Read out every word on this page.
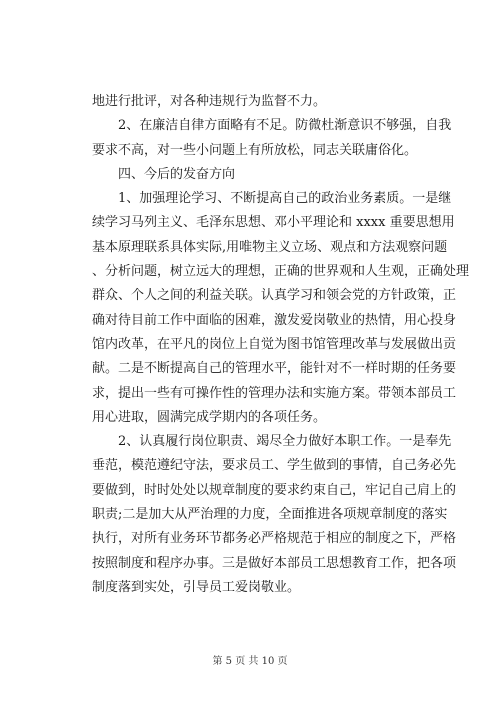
地进行批评，对各种违规行为监督不力。
　　2、在廉洁自律方面略有不足。防微杜渐意识不够强，自我
要求不高，对一些小问题上有所放松，同志关联庸俗化。
　　四、今后的发奋方向
　　1、加强理论学习、不断提高自己的政治业务素质。一是继
续学习马列主义、毛泽东思想、邓小平理论和 xxxx 重要思想用
基本原理联系具体实际,用唯物主义立场、观点和方法观察问题
、分析问题，树立远大的理想，正确的世界观和人生观，正确处理
群众、个人之间的利益关联。认真学习和领会党的方针政策，正
确对待目前工作中面临的困难，激发爱岗敬业的热情，用心投身
馆内改革，在平凡的岗位上自觉为图书馆管理改革与发展做出贡
献。二是不断提高自己的管理水平，能针对不一样时期的任务要
求，提出一些有可操作性的管理办法和实施方案。带领本部员工
用心进取，圆满完成学期内的各项任务。
　　2、认真履行岗位职责、竭尽全力做好本职工作。一是奉先
垂范，模范遵纪守法，要求员工、学生做到的事情，自己务必先
要做到，时时处处以规章制度的要求约束自己，牢记自己肩上的
职责;二是加大从严治理的力度，全面推进各项规章制度的落实
执行，对所有业务环节都务必严格规范于相应的制度之下，严格
按照制度和程序办事。三是做好本部员工思想教育工作，把各项
制度落到实处，引导员工爱岗敬业。
第 5 页 共 10 页
